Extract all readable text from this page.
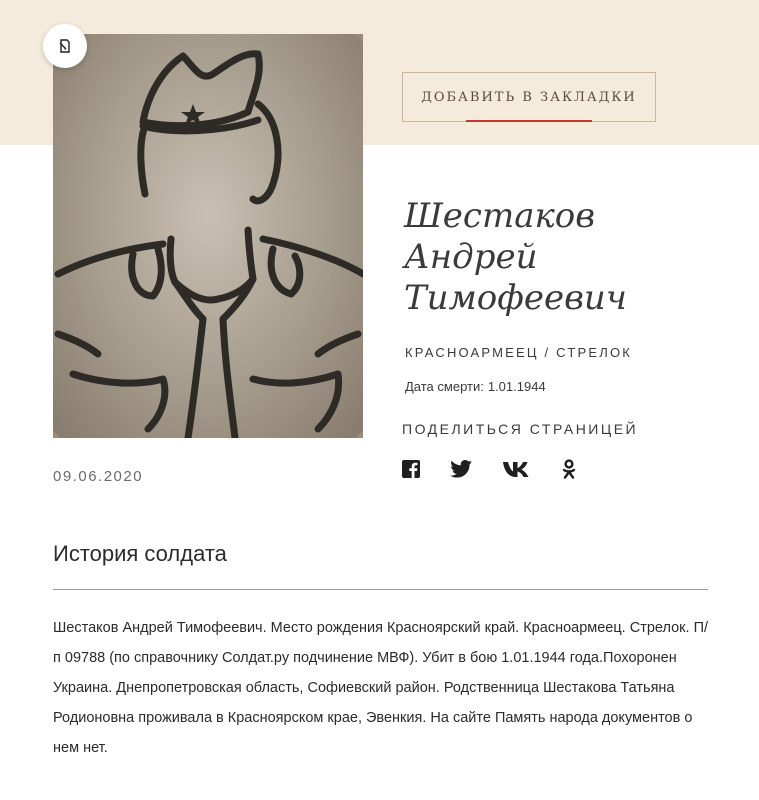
ДОБАВИТЬ В ЗАКЛАДКИ
Шестаков
Андрей
Тимофеевич
КРАСНОАРМЕЕЦ / СТРЕЛОК
Дата смерти: 1.01.1944
ПОДЕЛИТЬСЯ СТРАНИЦЕЙ
09.06.2020
История солдата
Шестаков Андрей Тимофеевич. Место рождения Красноярский край. Красноармеец. Стрелок. П/п 09788 (по справочнику Солдат.ру подчинение МВФ). Убит в бою 1.01.1944 года.Похоронен Украина. Днепропетровская область, Софиевский район. Родственница Шестакова Татьяна Родионовна проживала в Красноярском крае, Эвенкия. На сайте Память народа документов о нем нет.
